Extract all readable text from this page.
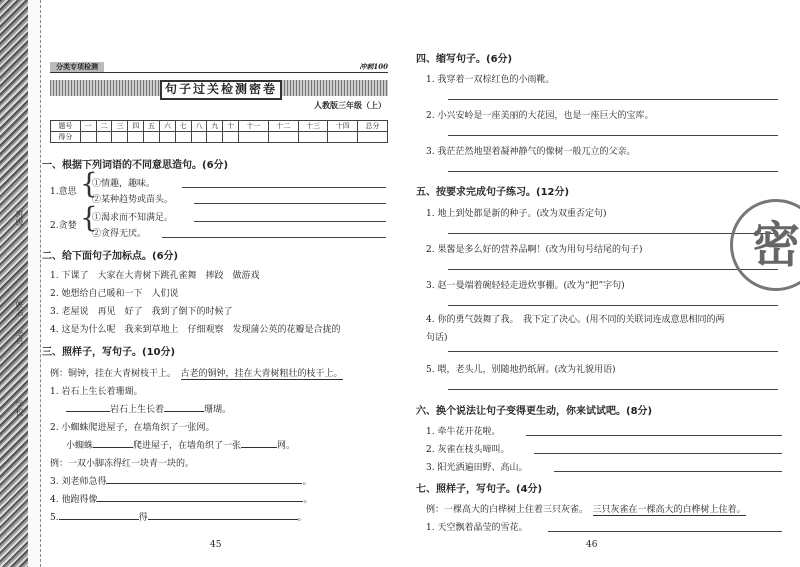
班级
姓名
学号
学校
分类专项检测	冲刺100
句子过关检测密卷
人教版三年级（上）
题号	一	二	三	四	五	六	七	八	九	十	十一	十二	十三	十四	总分
得分															
一、根据下列词语的不同意思造句。(6分)
1.意思 {
①情趣，趣味。
②某种趋势或苗头。
2.贪婪 {
①渴求而不知满足。
②贪得无厌。
二、给下面句子加标点。(6分)
1. 下课了　大家在大青树下跳孔雀舞　摔跤　做游戏
2. 她想给自己暖和一下　人们说
3. 老屋说　再见　好了　我到了倒下的时候了
4. 这是为什么呢　我来到草地上　仔细观察　发现蒲公英的花瓣是合拢的
三、照样子，写句子。(10分)
例：铜钟，挂在大青树枝干上。　 古老的铜钟，挂在大青树粗壮的枝干上。
1. 岩石上生长着珊瑚。
岩石上生长着	珊瑚。
2. 小蜘蛛爬进屋子，在墙角织了一张网。
小蜘蛛	爬进屋子，在墙角织了一张	网。
例：一双小脚冻得红一块青一块的。
3. 刘老师急得	。
4. 他跑得像	。
5.	得	。
45
四、缩写句子。(6分)
1. 我穿着一双棕红色的小雨靴。
2. 小兴安岭是一座美丽的大花园，也是一座巨大的宝库。
3. 我茫茫然地望着凝神静气的像树一般兀立的父亲。
五、按要求完成句子练习。(12分)
1. 地上到处都是新的种子。(改为双重否定句)
2. 果酱是多么好的营养品啊！(改为用句号结尾的句子)
3. 赵一曼端着碗轻轻走进炊事棚。(改为“把”字句)
4. 你的勇气鼓舞了我。　我下定了决心。(用不同的关联词连成意思相同的两
句话)
5. 喂，老头儿，别随地扔纸屑。(改为礼貌用语)
六、换个说法让句子变得更生动，你来试试吧。(8分)
1. 牵牛花开花啦。
2. 灰雀在枝头啼叫。
3. 阳光洒遍田野、高山。
七、照样子，写句子。(4分)
例：一棵高大的白桦树上住着三只灰雀。　 三只灰雀在一棵高大的白桦树上住着。
1. 天空飘着晶莹的雪花。
46
密
